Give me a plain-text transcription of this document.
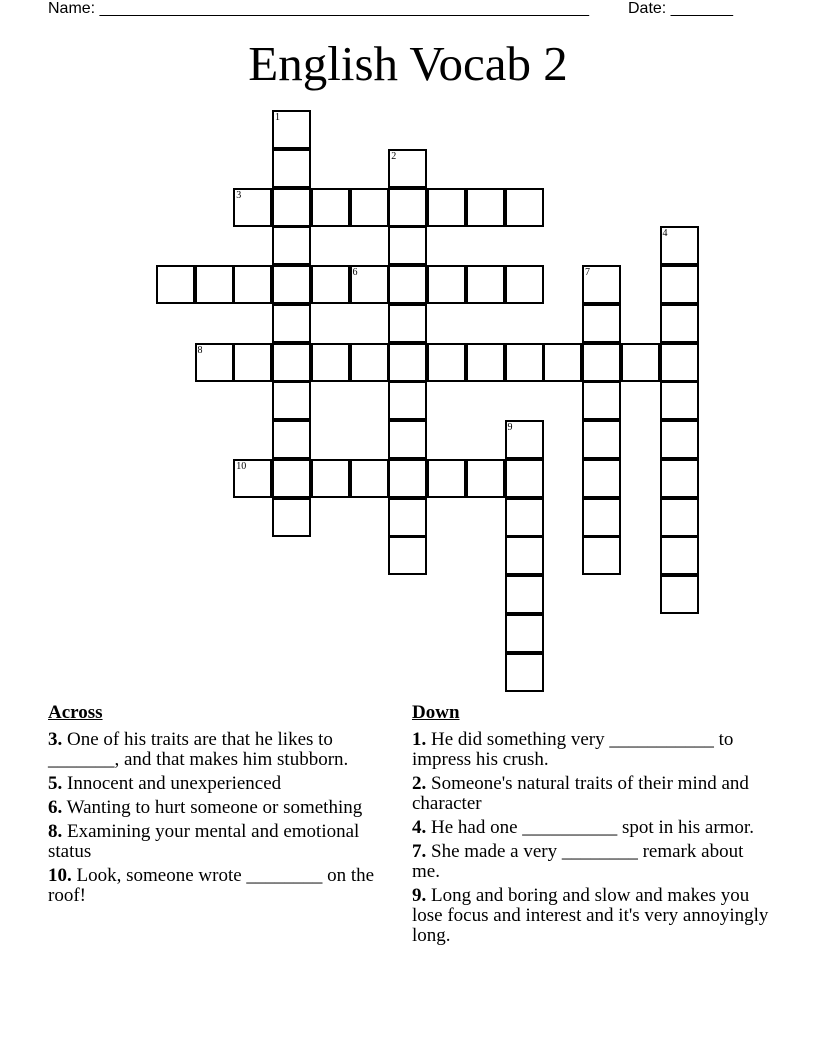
Name: _______________________________________________________ Date: _______
English Vocab 2
1
2
3
4
6	7
8
9
10
Across
3. One of his traits are that he likes to _______, and that makes him stubborn.
5. Innocent and unexperienced
6. Wanting to hurt someone or something
8. Examining your mental and emotional status
10. Look, someone wrote ________ on the roof!
Down
1. He did something very ___________ to impress his crush.
2. Someone's natural traits of their mind and character
4. He had one __________ spot in his armor.
7. She made a very ________ remark about me.
9. Long and boring and slow and makes you lose focus and interest and it's very annoyingly long.
